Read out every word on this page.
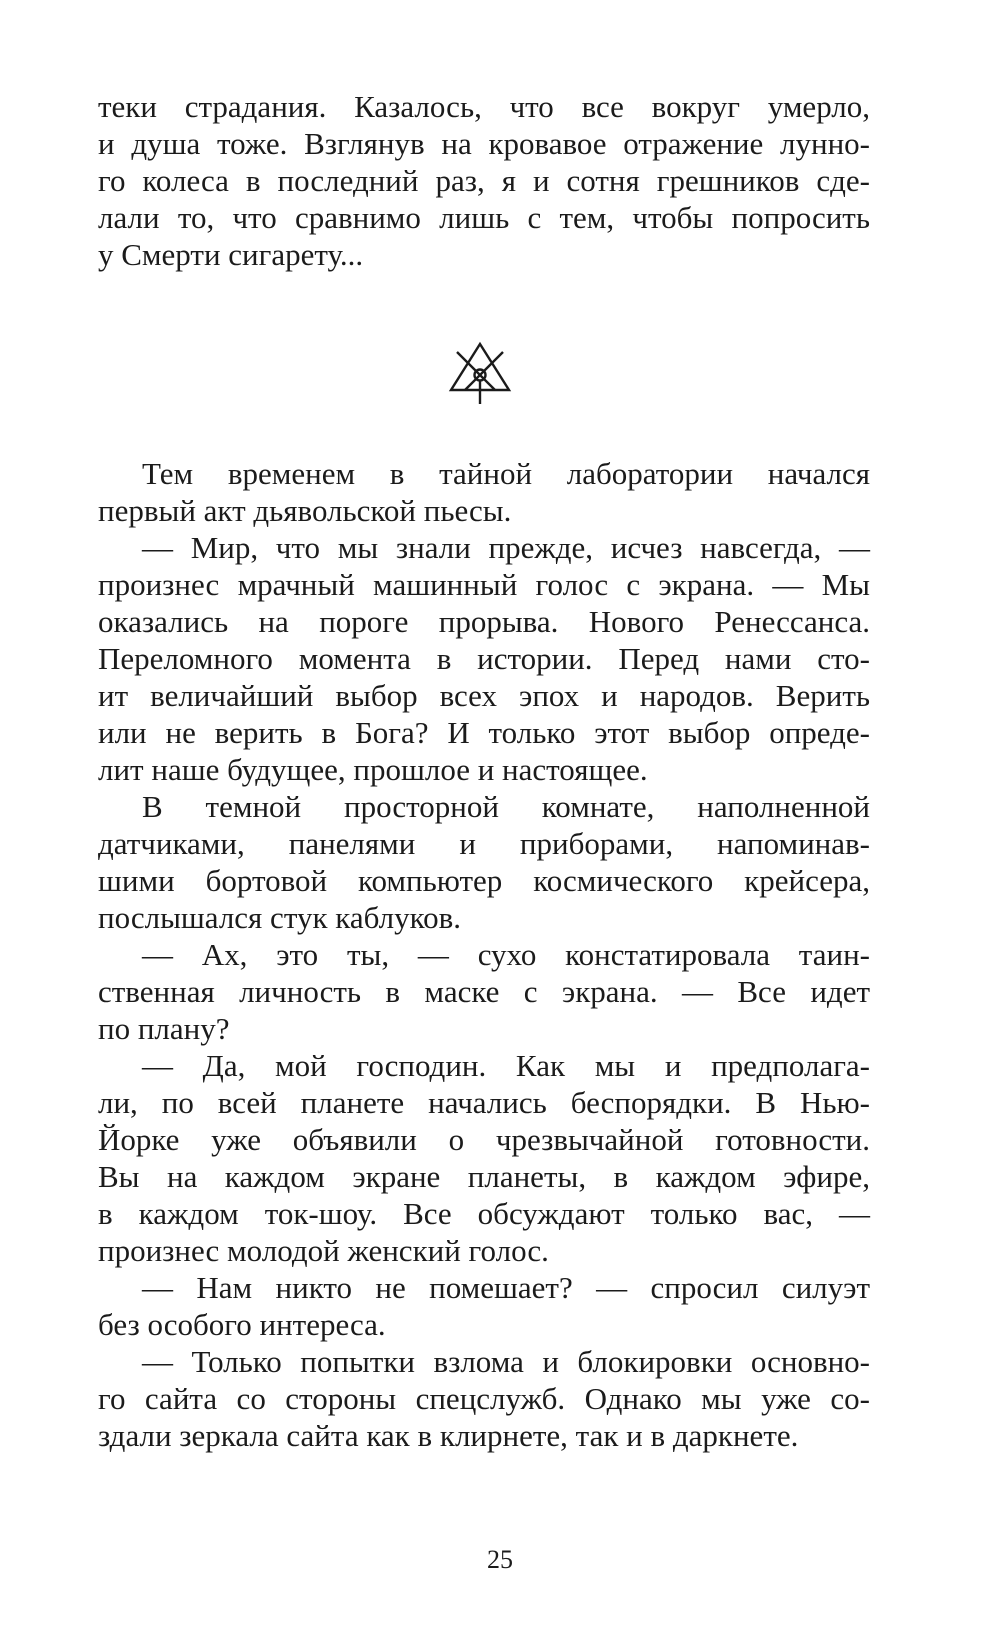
теки страдания. Казалось, что все вокруг умерло,
и душа тоже. Взглянув на кровавое отражение лунно-
го колеса в последний раз, я и сотня грешников сде-
лали то, что сравнимо лишь с тем, чтобы попросить
у Смерти сигарету...
Тем временем в тайной лаборатории начался
первый акт дьявольской пьесы.
— Мир, что мы знали прежде, исчез навсегда, —
произнес мрачный машинный голос с экрана. — Мы
оказались на пороге прорыва. Нового Ренессанса.
Переломного момента в истории. Перед нами сто-
ит величайший выбор всех эпох и народов. Верить
или не верить в Бога? И только этот выбор опреде-
лит наше будущее, прошлое и настоящее.
В темной просторной комнате, наполненной
датчиками, панелями и приборами, напоминав-
шими бортовой компьютер космического крейсера,
послышался стук каблуков.
— Ах, это ты, — сухо констатировала таин-
ственная личность в маске с экрана. — Все идет
по плану?
— Да, мой господин. Как мы и предполага-
ли, по всей планете начались беспорядки. В Нью-
Йорке уже объявили о чрезвычайной готовности.
Вы на каждом экране планеты, в каждом эфире,
в каждом ток-шоу. Все обсуждают только вас, —
произнес молодой женский голос.
— Нам никто не помешает? — спросил силуэт
без особого интереса.
— Только попытки взлома и блокировки основно-
го сайта со стороны спецслужб. Однако мы уже со-
здали зеркала сайта как в клирнете, так и в даркнете.
25
